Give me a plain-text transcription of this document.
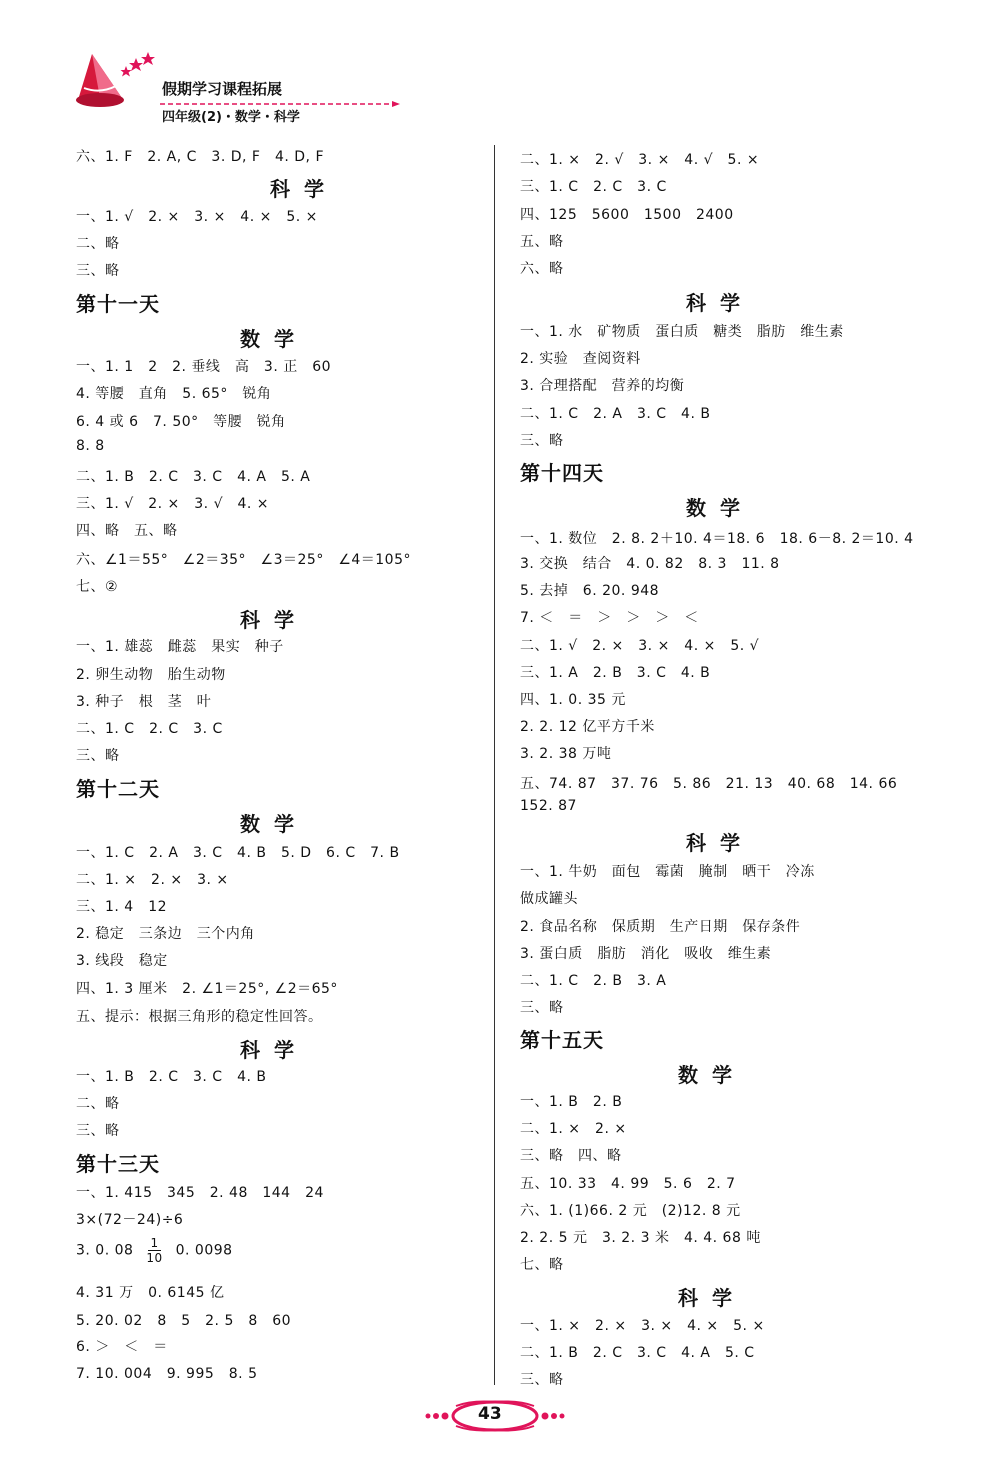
假期学习课程拓展
四年级(2)・数学・科学
六、1. F　2. A, C　3. D, F　4. D, F
科学
一、1. √　2. ×　3. ×　4. ×　5. ×
二、略
三、略
第十一天
数学
一、1. 1　2　2. 垂线　高　3. 正　60
4. 等腰　直角　5. 65°　锐角
6. 4 或 6　7. 50°　等腰　锐角
8. 8
二、1. B　2. C　3. C　4. A　5. A
三、1. √　2. ×　3. √　4. ×
四、略　五、略
六、∠1＝55°　∠2＝35°　∠3＝25°　∠4＝105°
七、②
科学
一、1. 雄蕊　雌蕊　果实　种子
2. 卵生动物　胎生动物
3. 种子　根　茎　叶
二、1. C　2. C　3. C
三、略
第十二天
数学
一、1. C　2. A　3. C　4. B　5. D　6. C　7. B
二、1. ×　2. ×　3. ×
三、1. 4　12
2. 稳定　三条边　三个内角
3. 线段　稳定
四、1. 3 厘米　2. ∠1＝25°, ∠2＝65°
五、提示：根据三角形的稳定性回答。
科学
一、1. B　2. C　3. C　4. B
二、略
三、略
第十三天
一、1. 415　345　2. 48　144　24
3×(72－24)÷6
3. 0. $08 \frac{1}{10} 0$. 0098
4. 31 万　0. 6145 亿
5. 20. 02　8　5　2. 5　8　60
6. ＞　＜　＝
7. 10. 004　9. 995　8. 5
二、1. ×　2. √　3. ×　4. √　5. ×
三、1. C　2. C　3. C
四、125　5600　1500　2400
五、略
六、略
科学
一、1. 水　矿物质　蛋白质　糖类　脂肪　维生素
2. 实验　查阅资料
3. 合理搭配　营养的均衡
二、1. C　2. A　3. C　4. B
三、略
第十四天
数学
一、1. 数位　2. 8. 2＋10. 4＝18. 6　18. 6－8. 2＝10. 4
3. 交换　结合　4. 0. 82　8. 3　11. 8
5. 去掉　6. 20. 948
7. ＜　＝　＞　＞　＞　＜
二、1. √　2. ×　3. ×　4. ×　5. √
三、1. A　2. B　3. C　4. B
四、1. 0. 35 元
2. 2. 12 亿平方千米
3. 2. 38 万吨
五、74. 87　37. 76　5. 86　21. 13　40. 68　14. 66
152. 87
科学
一、1. 牛奶　面包　霉菌　腌制　晒干　冷冻
做成罐头
2. 食品名称　保质期　生产日期　保存条件
3. 蛋白质　脂肪　消化　吸收　维生素
二、1. C　2. B　3. A
三、略
第十五天
数学
一、1. B　2. B
二、1. ×　2. ×
三、略　四、略
五、10. 33　4. 99　5. 6　2. 7
六、1. (1)66. 2 元　(2)12. 8 元
2. 2. 5 元　3. 2. 3 米　4. 4. 68 吨
七、略
科学
一、1. ×　2. ×　3. ×　4. ×　5. ×
二、1. B　2. C　3. C　4. A　5. C
三、略
43
